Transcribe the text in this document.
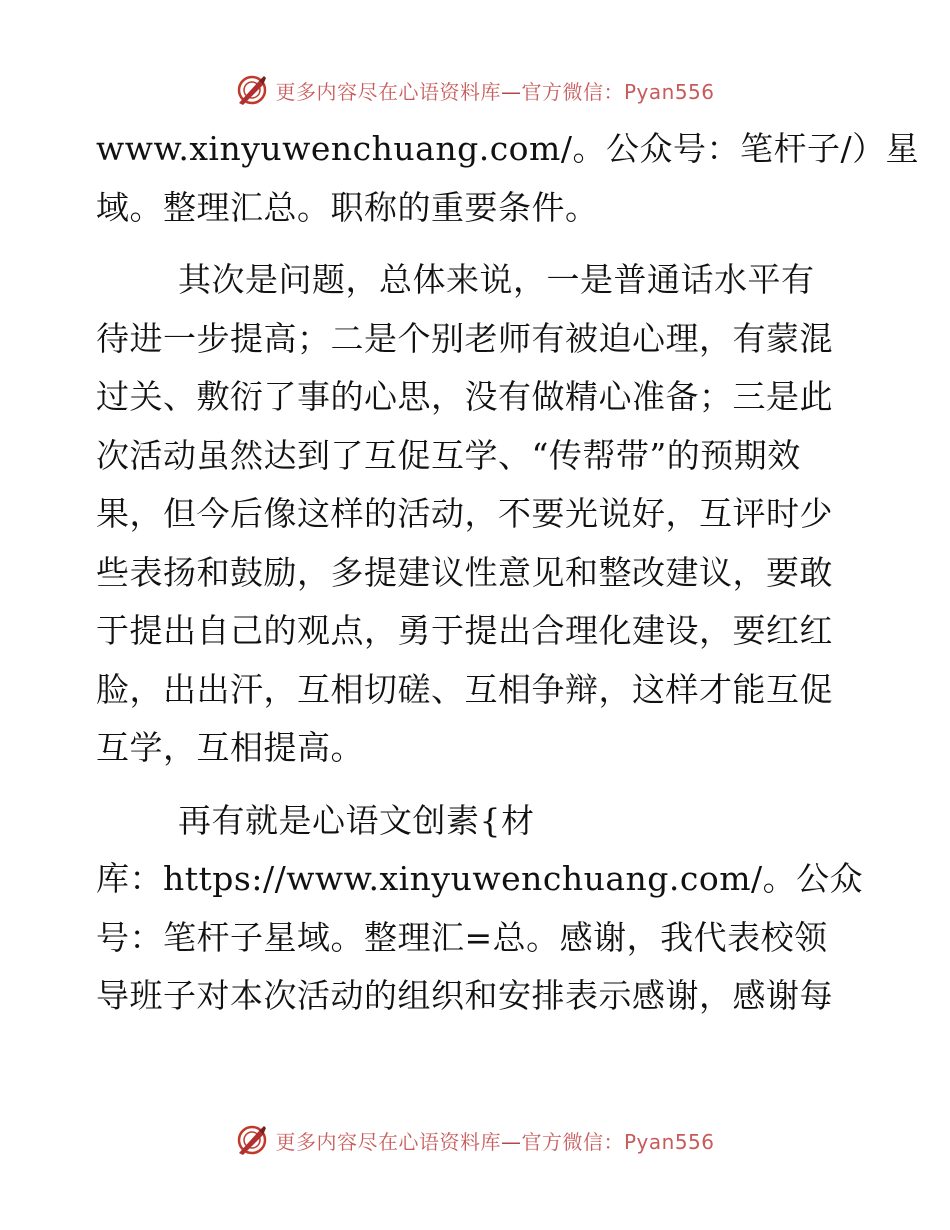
更多内容尽在心语资料库—官方微信：Pyan556
www.xinyuwenchuang.com/。公众号：笔杆子/）星
域。整理汇总。职称的重要条件。
其次是问题，总体来说，一是普通话水平有
待进一步提高；二是个别老师有被迫心理，有蒙混
过关、敷衍了事的心思，没有做精心准备；三是此
次活动虽然达到了互促互学、“传帮带”的预期效
果，但今后像这样的活动，不要光说好，互评时少
些表扬和鼓励，多提建议性意见和整改建议，要敢
于提出自己的观点，勇于提出合理化建设，要红红
脸，出出汗，互相切磋、互相争辩，这样才能互促
互学，互相提高。
再有就是心语文创素{材
库：https://www.xinyuwenchuang.com/。公众
号：笔杆子星域。整理汇=总。感谢，我代表校领
导班子对本次活动的组织和安排表示感谢，感谢每
更多内容尽在心语资料库—官方微信：Pyan556
